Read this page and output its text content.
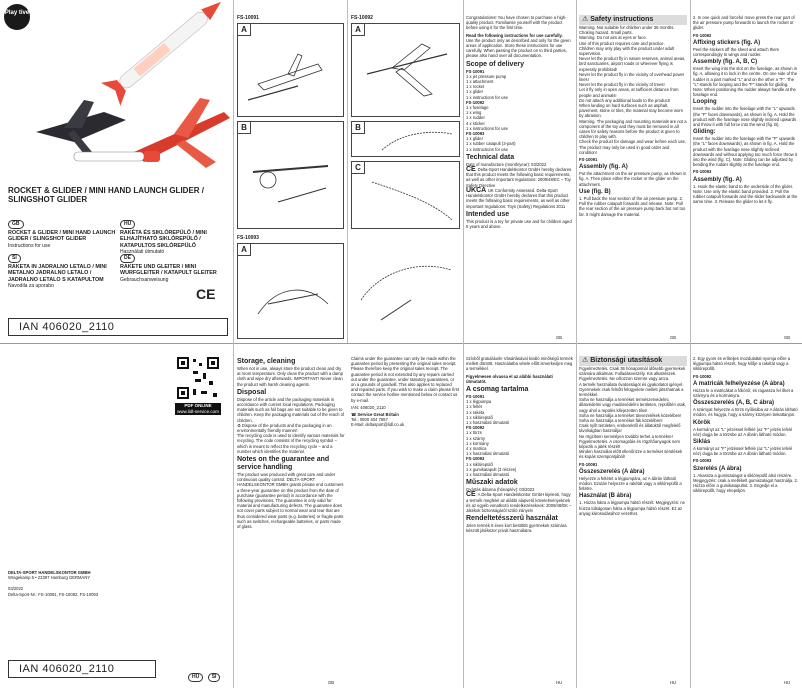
Play tive
ROCKET & GLIDER / MINI HAND LAUNCH GLIDER / SLINGSHOT GLIDER
GB
ROCKET & GLIDER / MINI HAND LAUNCH GLIDER / SLINGSHOT GLIDER
Instructions for use
HU
RAKÉTA ÉS SIKLÓREPÜLŐ / MINI ELHAJÍTHATÓ SIKLÓREPÜLŐ / KATAPULTOS SIKLÓREPÜLŐ
Használati útmutató
SI
RAKETA IN JADRALNO LETALO / MINI METALNO JADRALNO LETALO / JADRALNO LETALO S KATAPULTOM
Navodila za uporabo
DE
RAKETE UND GLEITER / MINI WURFGLEITER / KATAPULT GLEITER
Gebrauchsanweisung
CE
IAN 406020_2110
FS-10091
A
B
FS-10093
A
FS-10092
A
B
C

Congratulations! You have chosen to purchase a high-quality product. Familiarise yourself with the product before using it for the first time.

Read the following instructions for use carefully.

Use the product only as described and only for the given areas of application. Store these instructions for use carefully. When passing the product on to third parties, please also hand over all documentation.

Scope of delivery

FS-10091

1 x jet pressure pump

1 x attachment

1 x rocket

1 x glider

1 x instructions for use

FS-10092

1 x fuselage

1 x wing

1 x rudder

4 x sticker

1 x instructions for use

FS-10093

1 x glider

1 x rubber catapult (3-part)

1 x instructions for use

Technical data

Date of manufacture (month/year): 03/2022

CE Delta-Sport Handelskontor GmbH hereby declares that this product meets the following basic requirements, as well as other important regulations: 2009/48/EC – Toy Safety Directive

UKCA UK Conformity Assessed. Delta-Sport Handelskontor GmbH hereby declares that this product meets the following basic requirements, as well as other important regulations: Toys (Safety) Regulations 2011

Intended use

This product is a toy for private use and for children aged 5 years and above.

⚠ Safety instructions

Warning. Not suitable for children under 36 months. Choking hazard. Small parts.

Warning. Do not aim at eyes or face.

Use of this product requires care and practice.

Children may only play with the product under adult supervision.

Never let the product fly in nature reserves, animal areas, bird sanctuaries, airport roads or wherever flying is expressly prohibited!

Never let the product fly in the vicinity of overhead power lines!

Never let the product fly in the vicinity of trees!

Let it fly only in open areas, at sufficient distance from people and animals!

Do not attach any additional loads to the product!

When landing on hard surfaces such as asphalt, pavement, stone or tiles, the material may become worn by abrasion.

Warning. The packaging and mounting materials are not a component of the toy and they must be removed in all cases for safety reasons before the product is given to children to play with.

Check the product for damage and wear before each use. The product may only be used in good order and condition!

FS-10091

Assembly (fig. A)

Put the attachment on the air pressure pump, as shown in fig. A. Then place either the rocket or the glider on the attachment.

Use (fig. B)

1. Pull back the rear section of the air pressure pump. 2. Pull the rubber catapult forwards and release. Note: Pull the rear section of the air pressure pump back but not too far. It might damage the material.

2. In one quick and forceful move press the rear part of the air pressure pump forwards to launch the rocket or glider.

FS-10092

Affixing stickers (fig. A)

Peel the stickers off the sheet and attach them correspondingly to wings and rudder.

Assembly (fig. A, B, C)

Insert the wing into the slot on the fuselage, as shown in fig. A, allowing it to lock in the centre. On one side of the rudder is a part marked "L" and on the other a "F". The "L" stands for looping and the "F" stands for gliding. Note: When positioning the rudder always handle at the fuselage end.

Looping

Insert the rudder into the fuselage with the "L" upwards (the "F" faces downwards), as shown in fig. A. Hold the product with the fuselage nose slightly inclined upwards and throw it with full force into the wind (fig. B).

Gliding:

Insert the rudder into the fuselage with the "F" upwards (the "L" faces downwards), as shown in fig. A. Hold the product with the fuselage nose slightly inclined downwards and without applying too much force throw it into the wind (fig. C). Note: Gliding can be adjusted by bending the rudder slightly at the fuselage end.

FS-10093

Assembly (fig. A)

1. Hook the elastic band to the underside of the glider. Note: Use only the elastic band provided. 2. Pull the rubber catapult forwards and the slider backwards at the same time. 3. Release the glider to let it fly.

GB	GB	GB
PDF ONLINE
www.lidl-service.com
DELTA-SPORT HANDELSKONTOR GMBH
Wragekamp 6 • 22397 Hamburg GERMANY
03/2022
Delta-Sport-Nr.: FS-10091, FS-10092, FS-10093
IAN 406020_2110
HU SI
Storage, cleaning

When not in use, always store the product clean and dry at room temperature. Only clean the product with a damp cloth and wipe dry afterwards. IMPORTANT! Never clean the product with harsh cleaning agents.

Disposal

Dispose of the article and the packaging materials in accordance with current local regulations. Packaging materials such as foil bags are not suitable to be given to children. Keep the packaging materials out of the reach of children.

♻ Dispose of the products and the packaging in an environmentally friendly manner!

The recycling code is used to identify various materials for recycling. The code consists of the recycling symbol – which is meant to reflect the recycling cycle – and a number which identifies the material.

Notes on the guarantee and service handling

The product was produced with great care and under continuous quality control. DELTA-SPORT HANDELSKONTOR GMBH grants private end customers a three-year guarantee on this product from the date of purchase (guarantee period) in accordance with the following provisions. The guarantee is only valid for material and manufacturing defects. The guarantee does not cover parts subject to normal wear and tear that are thus considered wear parts (e.g. batteries) or fragile parts such as switches, rechargeable batteries, or parts made of glass.

Claims under the guarantee can only be made within the guarantee period by presenting the original sales receipt. Please therefore keep the original sales receipt. The guarantee period is not extended by any repairs carried out under the guarantee, under statutory guarantees, or on a grounds of goodwill. This also applies to replaced and repaired parts. If you wish to make a claim please first contact the service hotline mentioned below or contact us by e-mail.

IAN: 406020_2110

☎ Service Great Britain

Tel.: 0800 404 7657

E-Mail: deltasport@lidl.co.uk

Szívből gratulálunk! Vásárlásával kiváló minőségű termék mellett döntött. Használatba vétele előtt ismerkedjen meg a termékkel.

Figyelmesen olvassa el az alábbi használati útmutatót.

A csomag tartalma

FS-10091

1 x légpumpa

1 x feltét

1 x rakéta

1 x siklórepülő

1 x használati útmutató

FS-10092

1 x törzs

1 x szárny

1 x kormány

4 x matrica

1 x használati útmutató

FS-10093

1 x siklórepülő

1 x gumikatapult (3 részes)

1 x használati útmutató

Műszaki adatok

Gyártás dátuma (hónap/év): 03/2022

CE A Delta-Sport Handelskontor GmbH kijelenti, hogy a termék megfelel az alábbi alapvető követelményeknek és az egyéb vonatkozó rendelkezéseknek: 2009/48/EK – Játékok biztonságáról szóló irányelv

Rendeltetésszerű használat

Jelen termék 5 éves kort betöltött gyermekek számára készült játékszer privát használatra.

⚠ Biztonsági utasítások

Figyelmeztetés. Csak 36 hónaposnál idősebb gyermekek számára alkalmas. Fulladásveszély. Kis alkatrészek.

Figyelmeztetés. Ne célozzon szemre vagy arcra.

A termék használata óvatosságot és gyakorlatot igényel.

Gyermekek csak felnőtt felügyelete mellett játszhatnak a termékkel.

Soha ne használja a terméket természetvédelmi, állatvédelmi vagy madárvédelmi területen, repülőtéri utak, vagy ahol a repülés kifejezetten tilos!

Soha ne használja a terméket távvezetékek közelében!

Soha ne használja a terméket fák közelében!

Csak nyílt területen, emberektől és állatoktól megfelelő távolságban használja!

Ne rögzítsen semmilyen további terhet a termékre!

Figyelmeztetés. A csomagolás és rögzítőanyagok nem képezik a játék részét!

Minden használat előtt ellenőrizze a terméket sérülések és kopás szempontjából!

FS-10091

Összeszerelés (A ábra)

Helyezze a feltétet a légpumpára, az A ábrán látható módon. Ezután helyezze a rakétát vagy a siklórepülőt a feltétre.

Használat (B ábra)

1. Húzza hátra a légpumpa hátsó részét. Megjegyzés: ne húzza túlságosan hátra a légpumpa hátsó részét. Ez az anyag károsodásához vezethet.

2. Egy gyors és erőteljes mozdulattal nyomja előre a légpumpa hátsó részét, hogy kilője a rakétát vagy a siklórepülőt.

FS-10092

A matricák felhelyezése (A ábra)

Húzza le a matricákat a fólióról, és ragassza fel őket a szárnyra és a kormányra.

Összeszerelés (A, B, C ábra)

A szárnyat helyezze a törzs nyílásába az A ábrán látható módon, és hagyja, hogy a szárny középen bekattanjon.

Körök

A kormányt az "L" jelzéssel felfelé (az "F" jelzés lefelé néz) dugja be a törzsbe az A ábrán látható módon.

Siklás

A kormányt az "F" jelzéssel felfelé (az "L" jelzés lefelé néz) dugja be a törzsbe az A ábrán látható módon.

FS-10093

Szerelés (A ábra)

1. Akassza a gumiszalagot a siklórepülő alsó részére. Megjegyzés: csak a mellékelt gumiszalagot használja. 2. Húzza előre a gumikatapultot. 3. Engedje el a siklórepülőt, hogy elrepüljön.

GB	HU	HU	HU
